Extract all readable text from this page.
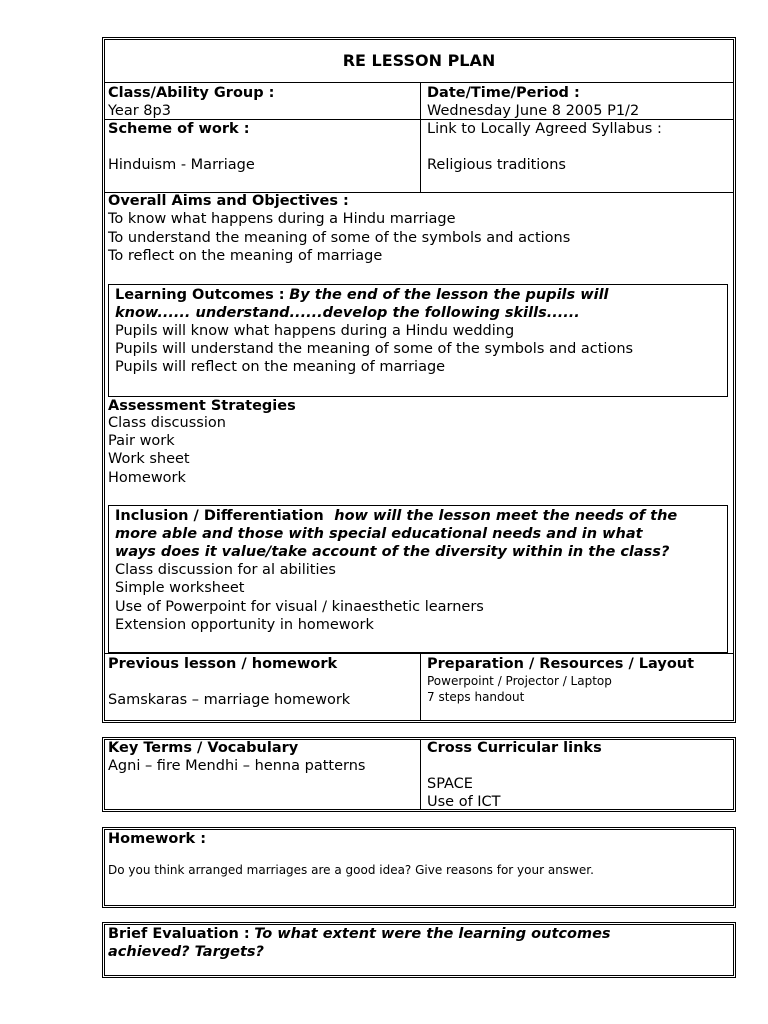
RE LESSON PLAN
Class/Ability Group :
Year 8p3
Date/Time/Period :
Wednesday June 8 2005 P1/2
Scheme of work :
Hinduism - Marriage
Link to Locally Agreed Syllabus :
Religious traditions
Overall Aims and Objectives :
To know what happens during a Hindu marriage
To understand the meaning of some of the symbols and actions
To reflect on the meaning of marriage
Learning Outcomes : By the end of the lesson the pupils will
know...... understand......develop the following skills......
Pupils will know what happens during a Hindu wedding
Pupils will understand the meaning of some of the symbols and actions
Pupils will reflect on the meaning of marriage
Assessment Strategies
Class discussion
Pair work
Work sheet
Homework
Inclusion / Differentiation how will the lesson meet the needs of the
more able and those with special educational needs and in what
ways does it value/take account of the diversity within in the class?
Class discussion for al abilities
Simple worksheet
Use of Powerpoint for visual / kinaesthetic learners
Extension opportunity in homework
Previous lesson / homework
Samskaras – marriage homework
Preparation / Resources / Layout
Powerpoint / Projector / Laptop
7 steps handout
Key Terms / Vocabulary
Agni – fire Mendhi – henna patterns
Cross Curricular links
SPACE
Use of ICT
Homework :
Do you think arranged marriages are a good idea? Give reasons for your answer.
Brief Evaluation : To what extent were the learning outcomes
achieved? Targets?
